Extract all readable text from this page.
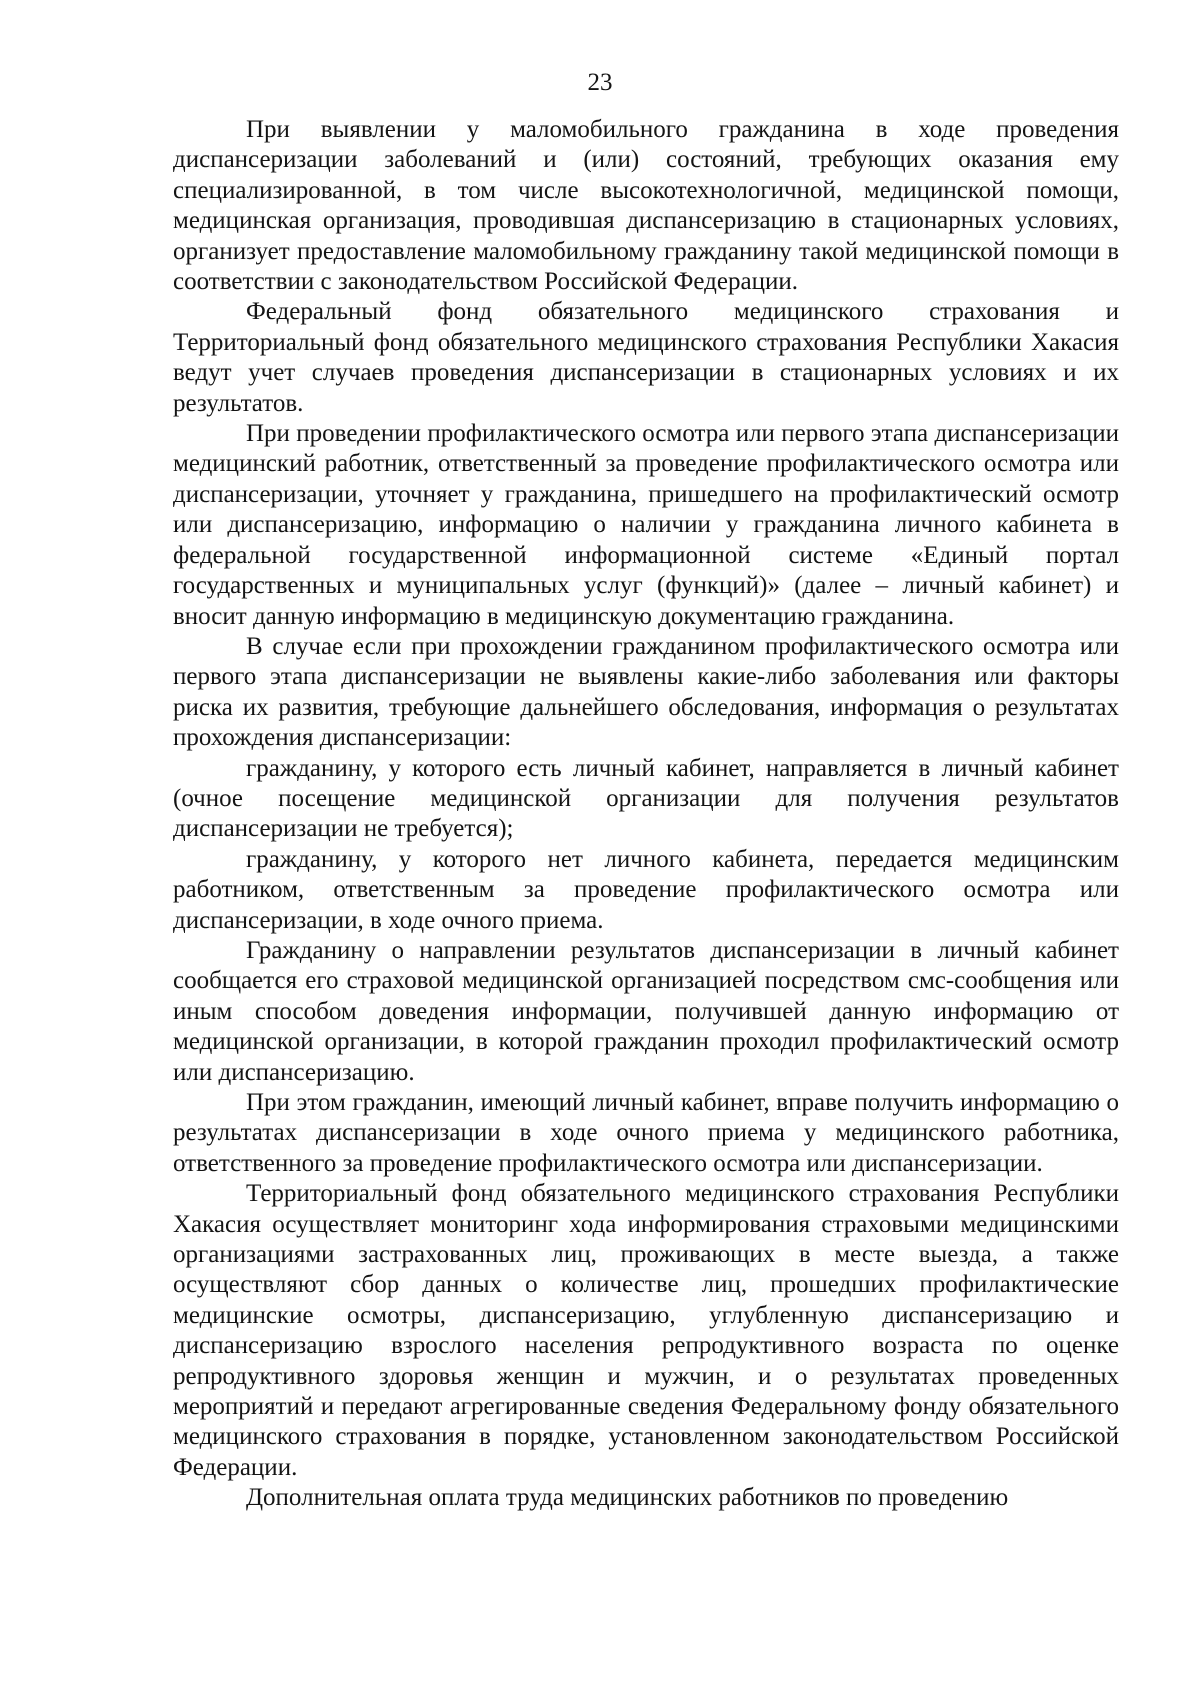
23

При выявлении у маломобильного гражданина в ходе проведения диспансеризации заболеваний и (или) состояний, требующих оказания ему специализированной, в том числе высокотехнологичной, медицинской помощи, медицинская организация, проводившая диспансеризацию в стационарных условиях, организует предоставление маломобильному гражданину такой медицинской помощи в соответствии с законодательством Российской Федерации.

Федеральный фонд обязательного медицинского страхования и Территориальный фонд обязательного медицинского страхования Республики Хакасия ведут учет случаев проведения диспансеризации в стационарных условиях и их результатов.

При проведении профилактического осмотра или первого этапа диспансеризации медицинский работник, ответственный за проведение профилактического осмотра или диспансеризации, уточняет у гражданина, пришедшего на профилактический осмотр или диспансеризацию, информацию о наличии у гражданина личного кабинета в федеральной государственной информационной системе «Единый портал государственных и муниципальных услуг (функций)» (далее – личный кабинет) и вносит данную информацию в медицинскую документацию гражданина.

В случае если при прохождении гражданином профилактического осмотра или первого этапа диспансеризации не выявлены какие-либо заболевания или факторы риска их развития, требующие дальнейшего обследования, информация о результатах прохождения диспансеризации:

гражданину, у которого есть личный кабинет, направляется в личный кабинет (очное посещение медицинской организации для получения результатов диспансеризации не требуется);

гражданину, у которого нет личного кабинета, передается медицинским работником, ответственным за проведение профилактического осмотра или диспансеризации, в ходе очного приема.

Гражданину о направлении результатов диспансеризации в личный кабинет сообщается его страховой медицинской организацией посредством смс-сообщения или иным способом доведения информации, получившей данную информацию от медицинской организации, в которой гражданин проходил профилактический осмотр или диспансеризацию.

При этом гражданин, имеющий личный кабинет, вправе получить информацию о результатах диспансеризации в ходе очного приема у медицинского работника, ответственного за проведение профилактического осмотра или диспансеризации.

Территориальный фонд обязательного медицинского страхования Республики Хакасия осуществляет мониторинг хода информирования страховыми медицинскими организациями застрахованных лиц, проживающих в месте выезда, а также осуществляют сбор данных о количестве лиц, прошедших профилактические медицинские осмотры, диспансеризацию, углубленную диспансеризацию и диспансеризацию взрослого населения репродуктивного возраста по оценке репродуктивного здоровья женщин и мужчин, и о результатах проведенных мероприятий и передают агрегированные сведения Федеральному фонду обязательного медицинского страхования в порядке, установленном законодательством Российской Федерации.

Дополнительная оплата труда медицинских работников по проведению
